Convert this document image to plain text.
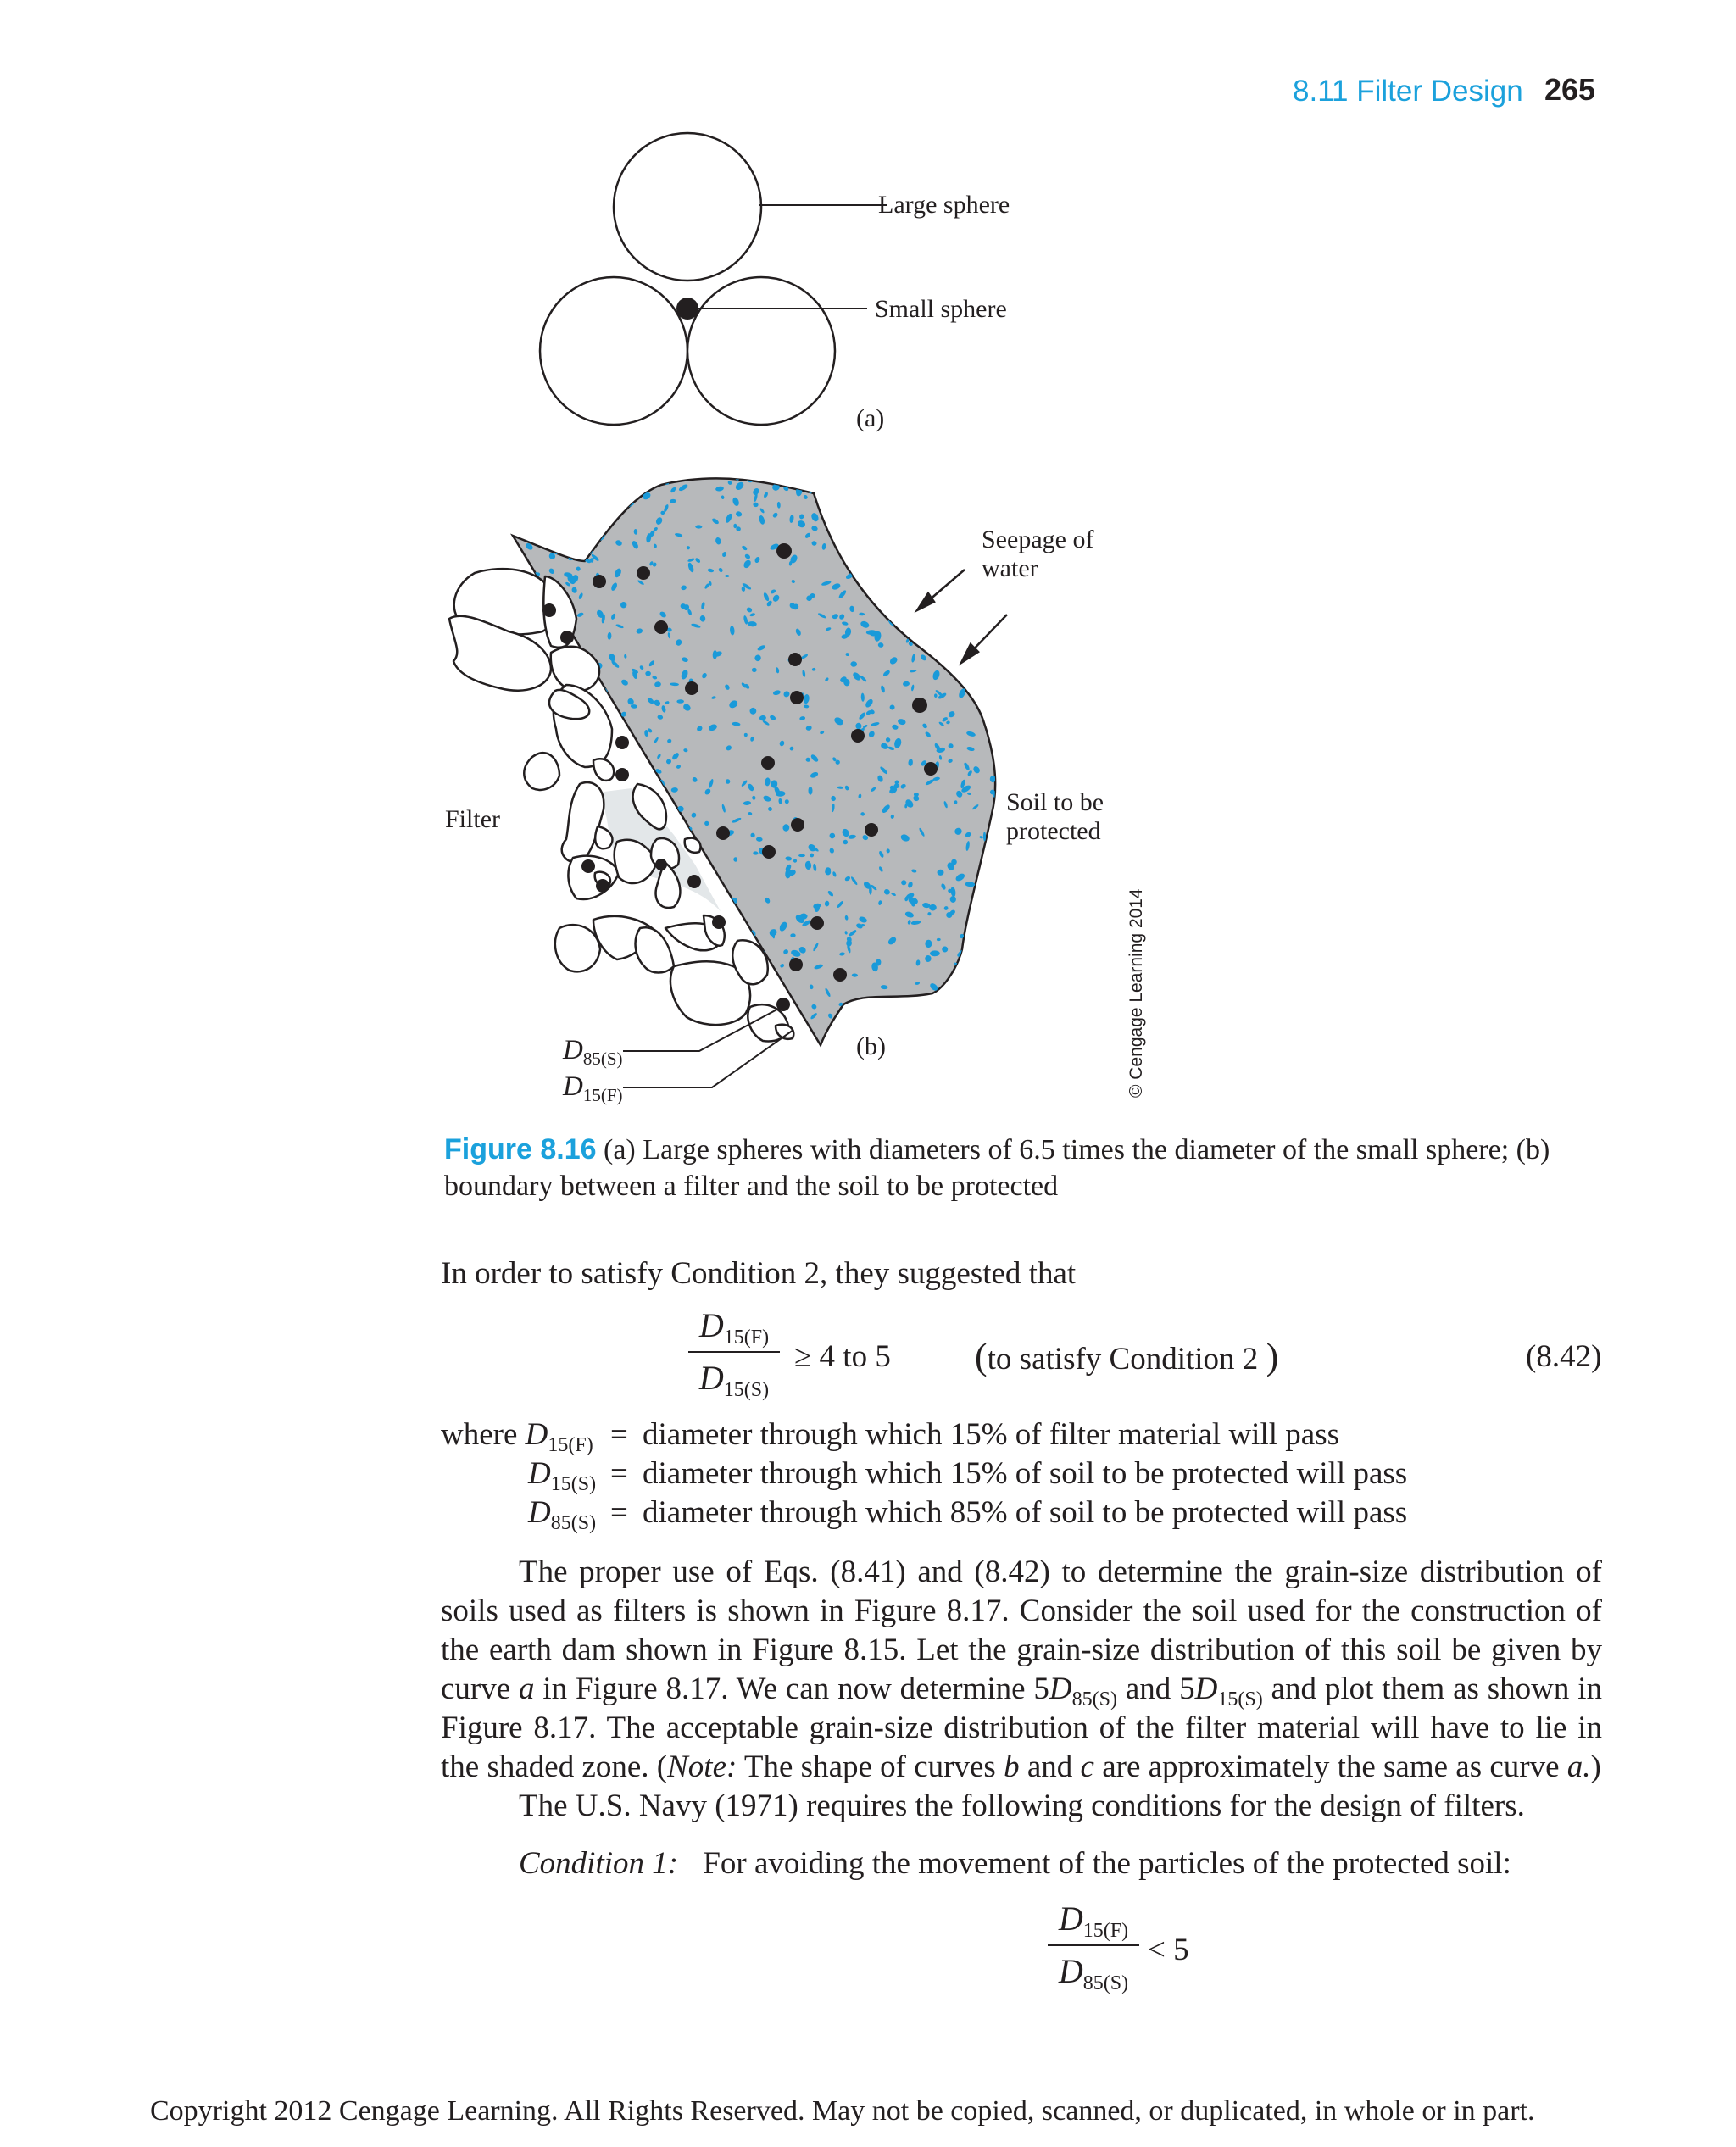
8.11 Filter Design 265
Large sphere
Small sphere
(a)
Seepage of
water
Soil to be
protected
Filter
(b)
$D_{85(S)}$
$D_{15(F)}$	© Cengage Learning 2014
Figure 8.16 (a) Large spheres with diameters of 6.5 times the diameter of the small sphere; (b) boundary between a filter and the soil to be protected
In order to satisfy Condition 2, they suggested that
$D_{15(F)}$
$D_{15(S)}$
≥ 4 to 5 (to satisfy Condition 2 )	(8.42)
where $D_{15(F)}$
$D_{15(S)}$
$D_{85(S)}$
=
=
=
diameter through which 15% of filter material will pass
diameter through which 15% of soil to be protected will pass
diameter through which 85% of soil to be protected will pass
The proper use of Eqs. (8.41) and (8.42) to determine the grain-size distribution of soils used as filters is shown in Figure 8.17. Consider the soil used for the construction of the earth dam shown in Figure 8.15. Let the grain-size distribution of this soil be given by curve a in Figure 8.17. We can now determine $5D_{85(S)}$ and $5D_{15(S)}$ and plot them as shown in Figure 8.17. The acceptable grain-size distribution of the filter material will have to lie in the shaded zone. (Note: The shape of curves b and c are approximately the same as curve a.)
The U.S. Navy (1971) requires the following conditions for the design of filters.
Condition 1: For avoiding the movement of the particles of the protected soil:
$D_{15(F)}$
$D_{85(S)}$
< 5
Copyright 2012 Cengage Learning. All Rights Reserved. May not be copied, scanned, or duplicated, in whole or in part.
